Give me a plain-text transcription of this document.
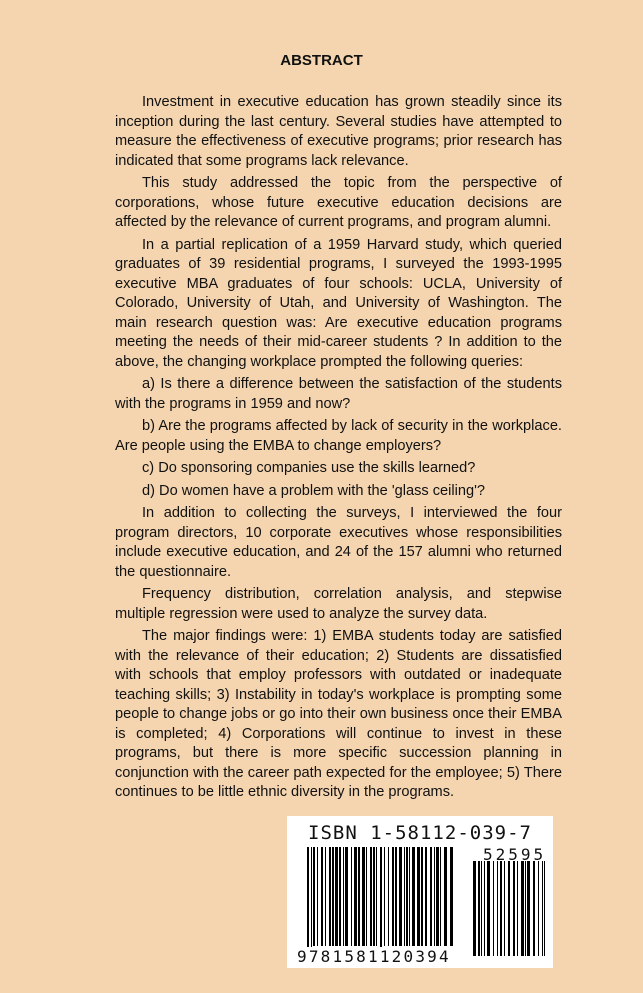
ABSTRACT

Investment in executive education has grown steadily since its inception during the last century. Several studies have attempted to measure the effectiveness of executive programs; prior research has indicated that some programs lack relevance.

This study addressed the topic from the perspective of corporations, whose future executive education decisions are affected by the relevance of current programs, and program alumni.

In a partial replication of a 1959 Harvard study, which queried graduates of 39 residential programs, I surveyed the 1993-1995 executive MBA graduates of four schools: UCLA, University of Colorado, University of Utah, and University of Washington. The main research question was: Are executive education programs meeting the needs of their mid-career students ? In addition to the above, the changing workplace prompted the following queries:

a) Is there a difference between the satisfaction of the students with the programs in 1959 and now?

b) Are the programs affected by lack of security in the workplace. Are people using the EMBA to change employers?

c) Do sponsoring companies use the skills learned?

d) Do women have a problem with the 'glass ceiling'?

In addition to collecting the surveys, I interviewed the four program directors, 10 corporate executives whose responsibilities include executive education, and 24 of the 157 alumni who returned the questionnaire.

Frequency distribution, correlation analysis, and stepwise multiple regression were used to analyze the survey data.

The major findings were: 1) EMBA students today are satisfied with the relevance of their education; 2) Students are dissatisfied with schools that employ professors with outdated or inadequate teaching skills; 3) Instability in today's workplace is prompting some people to change jobs or go into their own business once their EMBA is completed; 4) Corporations will continue to invest in these programs, but there is more specific succession planning in conjunction with the career path expected for the employee; 5) There continues to be little ethnic diversity in the programs.

ISBN 1-58112-039-7
52595
9781581120394
